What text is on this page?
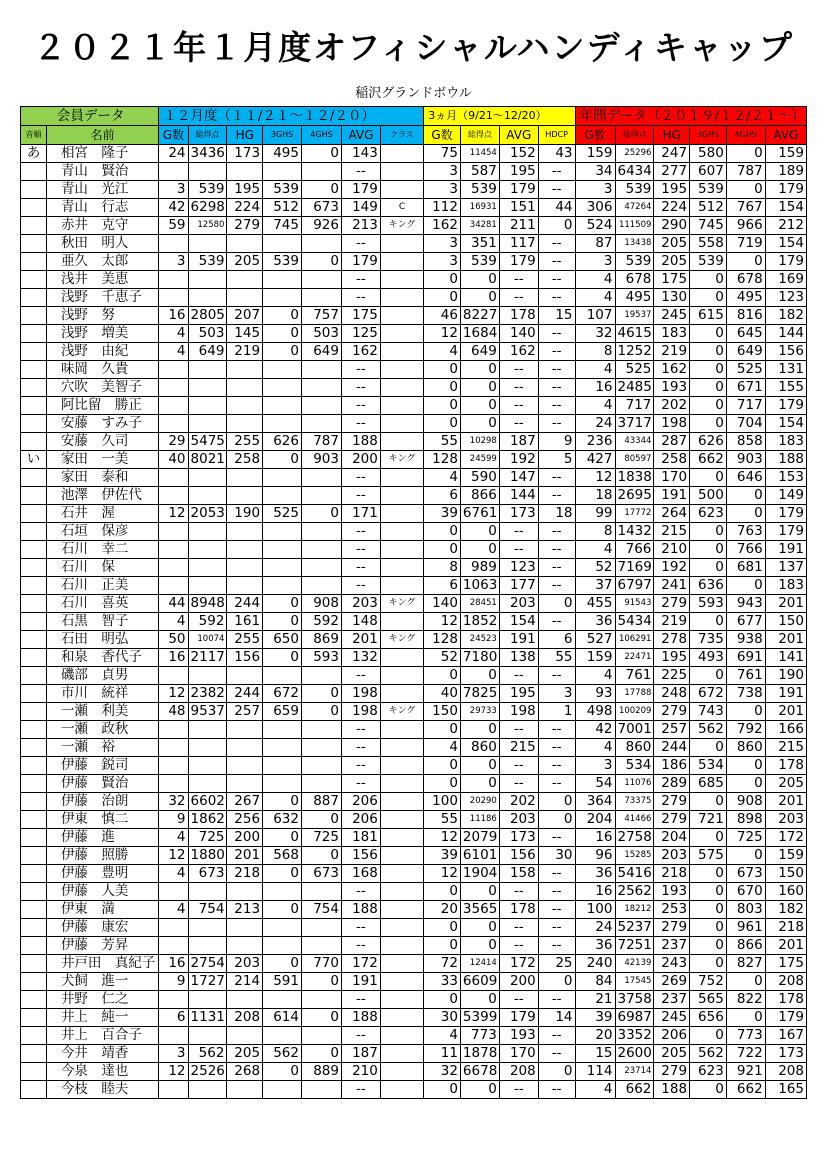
２０２１年１月度オフィシャルハンディキャップ
稲沢グランドボウル
会員データ		１２月度（１１/２１～１２/２０）							3ヵ月（9/21～12/20）				年間データ（２０１９/１２/２１～）					
音順	名前	G数	総得点	HG	3GHS	4GHS	AVG	クラス	G数	総得点	AVG	HDCP	G数	総得点	HG	3GHS	4GHS	AVG
あ	相宮　隆子	24	3436	173	495	0	143		75	11454	152	43	159	25296	247	580	0	159
	青山　賢治						--		3	587	195	--	34	6434	277	607	787	189
	青山　光江	3	539	195	539	0	179		3	539	179	--	3	539	195	539	0	179
	青山　行志	42	6298	224	512	673	149	C	112	16931	151	44	306	47264	224	512	767	154
	赤井　克守	59	12580	279	745	926	213	キング	162	34281	211	0	524	111509	290	745	966	212
	秋田　明人						--		3	351	117	--	87	13438	205	558	719	154
	亜久　太郎	3	539	205	539	0	179		3	539	179	--	3	539	205	539	0	179
	浅井　美恵						--		0	0	--	--	4	678	175	0	678	169
	浅野　千恵子						--		0	0	--	--	4	495	130	0	495	123
	浅野　努	16	2805	207	0	757	175		46	8227	178	15	107	19537	245	615	816	182
	浅野　増美	4	503	145	0	503	125		12	1684	140	--	32	4615	183	0	645	144
	浅野　由紀	4	649	219	0	649	162		4	649	162	--	8	1252	219	0	649	156
	味岡　久貴						--		0	0	--	--	4	525	162	0	525	131
	穴吹　美智子						--		0	0	--	--	16	2485	193	0	671	155
	阿比留　勝正						--		0	0	--	--	4	717	202	0	717	179
	安藤　すみ子						--		0	0	--	--	24	3717	198	0	704	154
	安藤　久司	29	5475	255	626	787	188		55	10298	187	9	236	43344	287	626	858	183
い	家田　一美	40	8021	258	0	903	200	キング	128	24599	192	5	427	80597	258	662	903	188
	家田　泰和						--		4	590	147	--	12	1838	170	0	646	153
	池澤　伊佐代						--		6	866	144	--	18	2695	191	500	0	149
	石井　渥	12	2053	190	525	0	171		39	6761	173	18	99	17772	264	623	0	179
	石垣　保彦						--		0	0	--	--	8	1432	215	0	763	179
	石川　幸二						--		0	0	--	--	4	766	210	0	766	191
	石川　保						--		8	989	123	--	52	7169	192	0	681	137
	石川　正美						--		6	1063	177	--	37	6797	241	636	0	183
	石川　喜英	44	8948	244	0	908	203	キング	140	28451	203	0	455	91543	279	593	943	201
	石黒　智子	4	592	161	0	592	148		12	1852	154	--	36	5434	219	0	677	150
	石田　明弘	50	10074	255	650	869	201	キング	128	24523	191	6	527	106291	278	735	938	201
	和泉　香代子	16	2117	156	0	593	132		52	7180	138	55	159	22471	195	493	691	141
	磯部　貞男						--		0	0	--	--	4	761	225	0	761	190
	市川　統祥	12	2382	244	672	0	198		40	7825	195	3	93	17788	248	672	738	191
	一瀬　利美	48	9537	257	659	0	198	キング	150	29733	198	1	498	100209	279	743	0	201
	一瀬　政秋						--		0	0	--	--	42	7001	257	562	792	166
	一瀬　裕						--		4	860	215	--	4	860	244	0	860	215
	伊藤　鋭司						--		0	0	--	--	3	534	186	534	0	178
	伊藤　賢治						--		0	0	--	--	54	11076	289	685	0	205
	伊藤　治朗	32	6602	267	0	887	206		100	20290	202	0	364	73375	279	0	908	201
	伊東　慎二	9	1862	256	632	0	206		55	11186	203	0	204	41466	279	721	898	203
	伊藤　進	4	725	200	0	725	181		12	2079	173	--	16	2758	204	0	725	172
	伊藤　照勝	12	1880	201	568	0	156		39	6101	156	30	96	15285	203	575	0	159
	伊藤　豊明	4	673	218	0	673	168		12	1904	158	--	36	5416	218	0	673	150
	伊藤　人美						--		0	0	--	--	16	2562	193	0	670	160
	伊東　満	4	754	213	0	754	188		20	3565	178	--	100	18212	253	0	803	182
	伊藤　康宏						--		0	0	--	--	24	5237	279	0	961	218
	伊藤　芳昇						--		0	0	--	--	36	7251	237	0	866	201
	井戸田　真紀子	16	2754	203	0	770	172		72	12414	172	25	240	42139	243	0	827	175
	犬飼　進一	9	1727	214	591	0	191		33	6609	200	0	84	17545	269	752	0	208
	井野　仁之						--		0	0	--	--	21	3758	237	565	822	178
	井上　純一	6	1131	208	614	0	188		30	5399	179	14	39	6987	245	656	0	179
	井上　百合子						--		4	773	193	--	20	3352	206	0	773	167
	今井　靖香	3	562	205	562	0	187		11	1878	170	--	15	2600	205	562	722	173
	今泉　達也	12	2526	268	0	889	210		32	6678	208	0	114	23714	279	623	921	208
	今枝　睦夫						--		0	0	--	--	4	662	188	0	662	165
